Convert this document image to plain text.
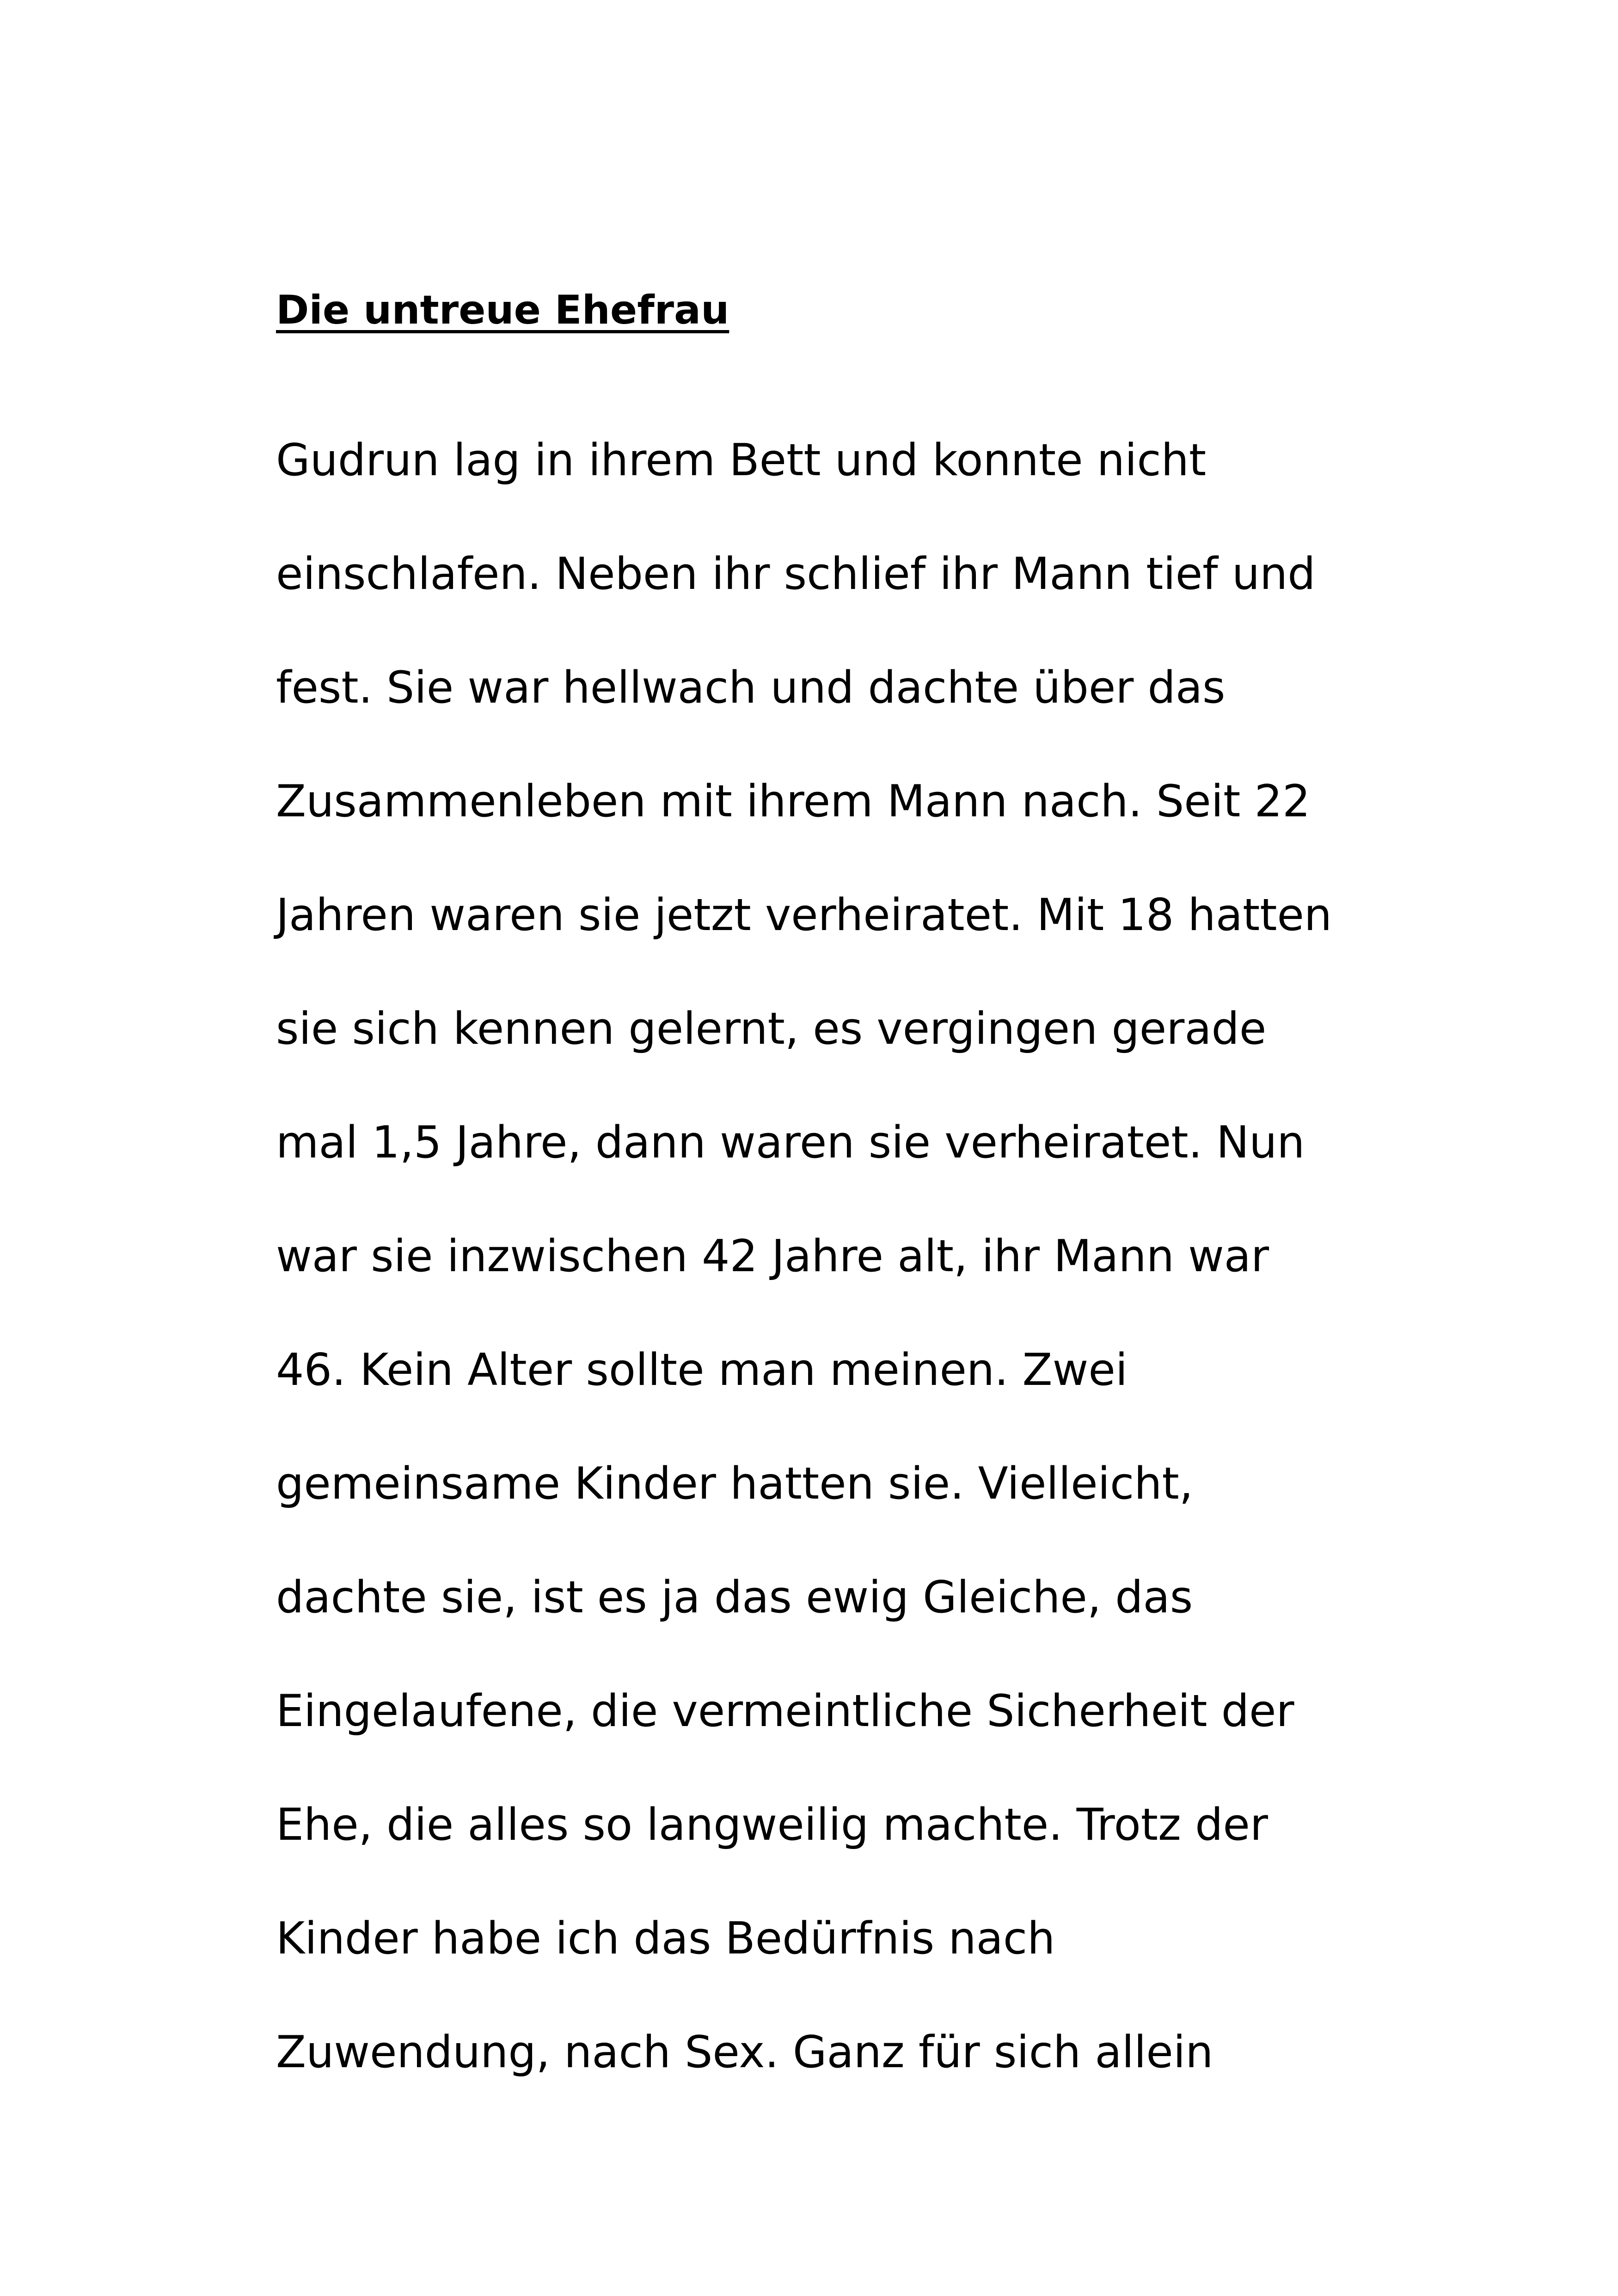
Die untreue Ehefrau

Gudrun lag in ihrem Bett und konnte nicht

einschlafen. Neben ihr schlief ihr Mann tief und

fest. Sie war hellwach und dachte über das

Zusammenleben mit ihrem Mann nach. Seit 22

Jahren waren sie jetzt verheiratet. Mit 18 hatten

sie sich kennen gelernt, es vergingen gerade

mal 1,5 Jahre, dann waren sie verheiratet. Nun

war sie inzwischen 42 Jahre alt, ihr Mann war

46. Kein Alter sollte man meinen. Zwei

gemeinsame Kinder hatten sie. Vielleicht,

dachte sie, ist es ja das ewig Gleiche, das

Eingelaufene, die vermeintliche Sicherheit der

Ehe, die alles so langweilig machte. Trotz der

Kinder habe ich das Bedürfnis nach

Zuwendung, nach Sex. Ganz für sich allein
